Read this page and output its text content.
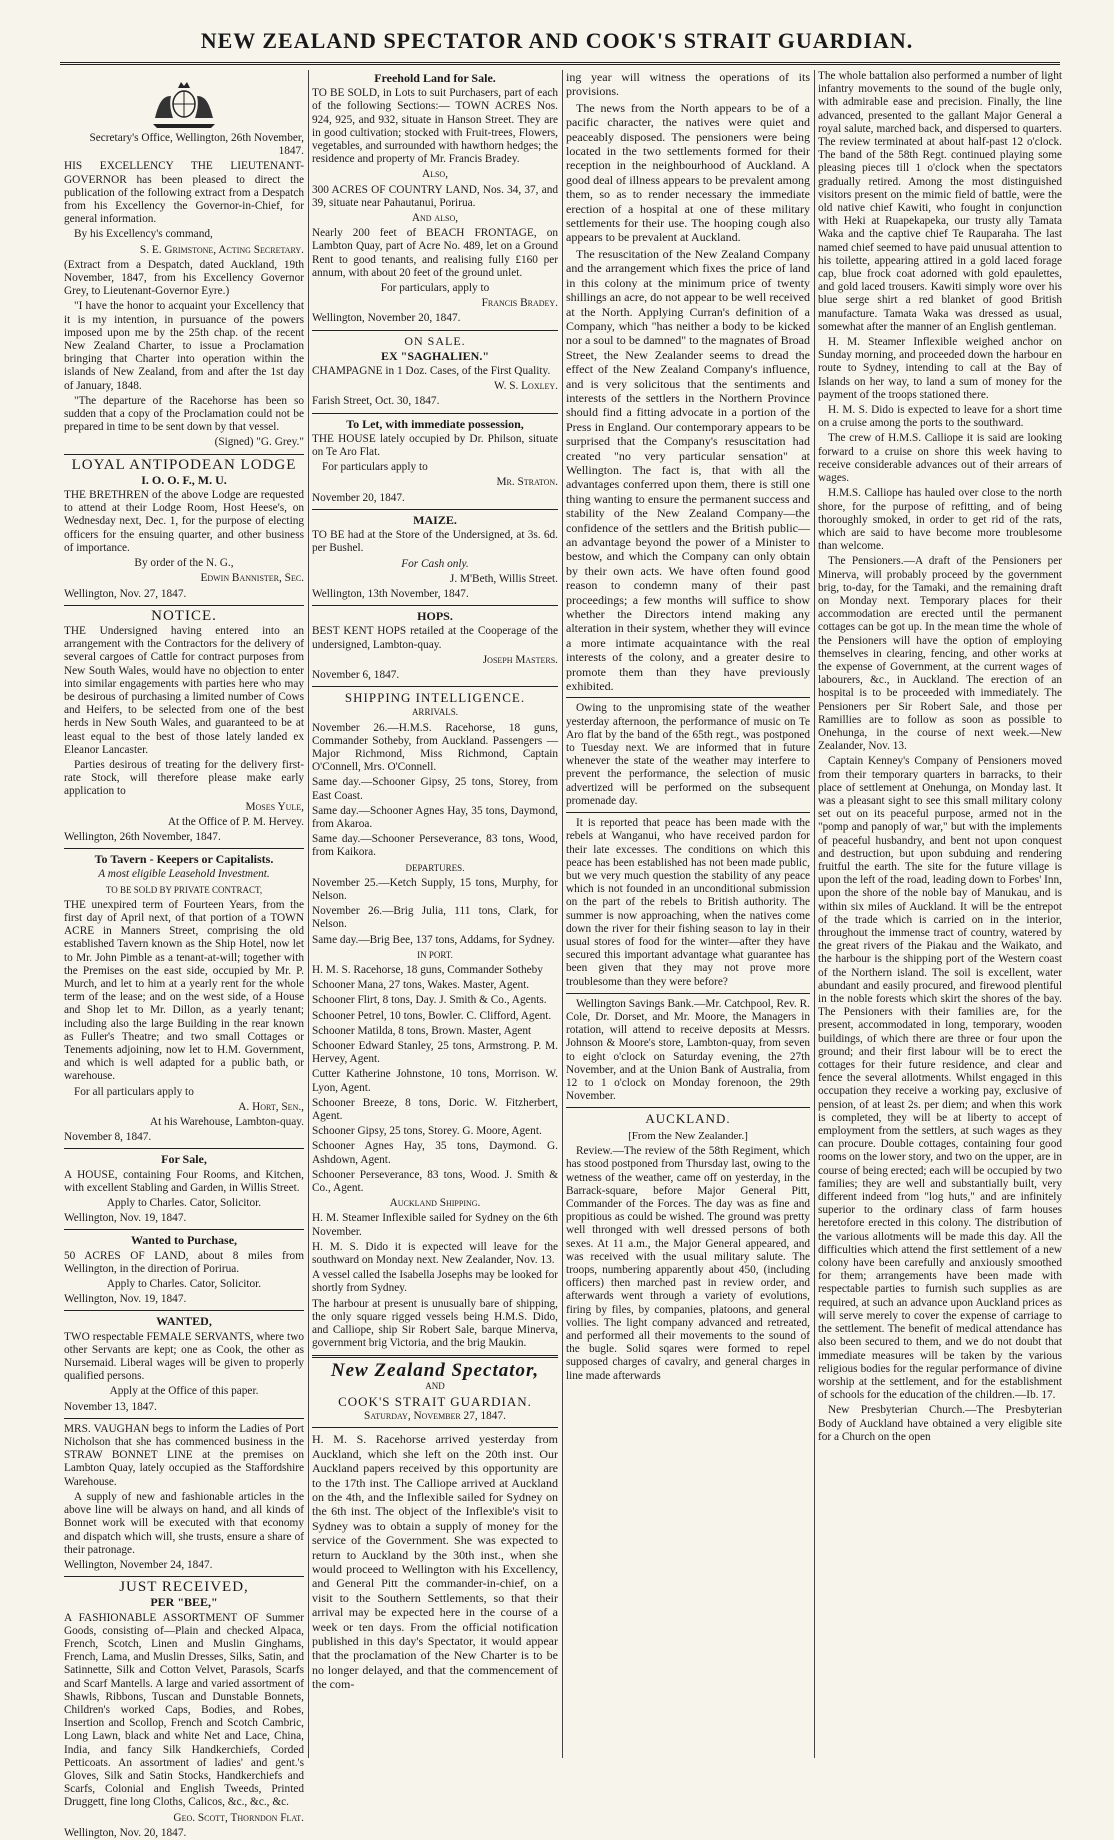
NEW ZEALAND SPECTATOR AND COOK'S STRAIT GUARDIAN.

Secretary's Office, Wellington, 26th November, 1847.

HIS EXCELLENCY THE LIEUTENANT-GOVERNOR has been pleased to direct the publication of the following extract from a Despatch from his Excellency the Governor-in-Chief, for general information.

By his Excellency's command,

S. E. Grimstone, Acting Secretary.

(Extract from a Despatch, dated Auckland, 19th November, 1847, from his Excellency Governor Grey, to Lieutenant-Governor Eyre.)

"I have the honor to acquaint your Excellency that it is my intention, in pursuance of the powers imposed upon me by the 25th chap. of the recent New Zealand Charter, to issue a Proclamation bringing that Charter into operation within the islands of New Zealand, from and after the 1st day of January, 1848.

"The departure of the Racehorse has been so sudden that a copy of the Proclamation could not be prepared in time to be sent down by that vessel.

(Signed) "G. Grey."

LOYAL ANTIPODEAN LODGE
I. O. O. F., M. U.

THE BRETHREN of the above Lodge are requested to attend at their Lodge Room, Host Heese's, on Wednesday next, Dec. 1, for the purpose of electing officers for the ensuing quarter, and other business of importance.

By order of the N. G.,

Edwin Bannister, Sec.

Wellington, Nov. 27, 1847.

NOTICE.

THE Undersigned having entered into an arrangement with the Contractors for the delivery of several cargoes of Cattle for contract purposes from New South Wales, would have no objection to enter into similar engagements with parties here who may be desirous of purchasing a limited number of Cows and Heifers, to be selected from one of the best herds in New South Wales, and guaranteed to be at least equal to the best of those lately landed ex Eleanor Lancaster.

Parties desirous of treating for the delivery first-rate Stock, will therefore please make early application to

Moses Yule,

At the Office of P. M. Hervey.

Wellington, 26th November, 1847.

To Tavern - Keepers or Capitalists.

A most eligible Leasehold Investment.

TO BE SOLD BY PRIVATE CONTRACT,

THE unexpired term of Fourteen Years, from the first day of April next, of that portion of a TOWN ACRE in Manners Street, comprising the old established Tavern known as the Ship Hotel, now let to Mr. John Pimble as a tenant-at-will; together with the Premises on the east side, occupied by Mr. P. Murch, and let to him at a yearly rent for the whole term of the lease; and on the west side, of a House and Shop let to Mr. Dillon, as a yearly tenant; including also the large Building in the rear known as Fuller's Theatre; and two small Cottages or Tenements adjoining, now let to H.M. Government, and which is well adapted for a public bath, or warehouse.

For all particulars apply to

A. Hort, Sen.,

At his Warehouse, Lambton-quay.

November 8, 1847.

For Sale,

A HOUSE, containing Four Rooms, and Kitchen, with excellent Stabling and Garden, in Willis Street.

Apply to Charles. Cator, Solicitor.

Wellington, Nov. 19, 1847.

Wanted to Purchase,

50 ACRES OF LAND, about 8 miles from Wellington, in the direction of Porirua.

Apply to Charles. Cator, Solicitor.

Wellington, Nov. 19, 1847.

WANTED,

TWO respectable FEMALE SERVANTS, where two other Servants are kept; one as Cook, the other as Nursemaid. Liberal wages will be given to properly qualified persons.

Apply at the Office of this paper.

November 13, 1847.

MRS. VAUGHAN begs to inform the Ladies of Port Nicholson that she has commenced business in the STRAW BONNET LINE at the premises on Lambton Quay, lately occupied as the Staffordshire Warehouse.

A supply of new and fashionable articles in the above line will be always on hand, and all kinds of Bonnet work will be executed with that economy and dispatch which will, she trusts, ensure a share of their patronage.

Wellington, November 24, 1847.

JUST RECEIVED,
PER "BEE,"

A FASHIONABLE ASSORTMENT OF Summer Goods, consisting of—Plain and checked Alpaca, French, Scotch, Linen and Muslin Ginghams, French, Lama, and Muslin Dresses, Silks, Satin, and Satinnette, Silk and Cotton Velvet, Parasols, Scarfs and Scarf Mantells. A large and varied assortment of Shawls, Ribbons, Tuscan and Dunstable Bonnets, Children's worked Caps, Bodies, and Robes, Insertion and Scollop, French and Scotch Cambric, Long Lawn, black and white Net and Lace, China, India, and fancy Silk Handkerchiefs, Corded Petticoats. An assortment of ladies' and gent.'s Gloves, Silk and Satin Stocks, Handkerchiefs and Scarfs, Colonial and English Tweeds, Printed Druggett, fine long Cloths, Calicos, &c., &c., &c.

Geo. Scott, Thorndon Flat.

Wellington, Nov. 20, 1847.

Freehold Land for Sale.

TO BE SOLD, in Lots to suit Purchasers, part of each of the following Sections:— TOWN ACRES Nos. 924, 925, and 932, situate in Hanson Street. They are in good cultivation; stocked with Fruit-trees, Flowers, vegetables, and surrounded with hawthorn hedges; the residence and property of Mr. Francis Bradey.

Also,

300 ACRES OF COUNTRY LAND, Nos. 34, 37, and 39, situate near Pahautanui, Porirua.

And also,

Nearly 200 feet of BEACH FRONTAGE, on Lambton Quay, part of Acre No. 489, let on a Ground Rent to good tenants, and realising fully £160 per annum, with about 20 feet of the ground unlet.

For particulars, apply to

Francis Bradey.

Wellington, November 20, 1847.

ON SALE.
EX "SAGHALIEN."

CHAMPAGNE in 1 Doz. Cases, of the First Quality.

W. S. Loxley.

Farish Street, Oct. 30, 1847.

To Let, with immediate possession,

THE HOUSE lately occupied by Dr. Philson, situate on Te Aro Flat.

For particulars apply to

Mr. Straton.

November 20, 1847.

MAIZE.

TO BE had at the Store of the Undersigned, at 3s. 6d. per Bushel.

For Cash only.

J. M'Beth, Willis Street.

Wellington, 13th November, 1847.

HOPS.

BEST KENT HOPS retailed at the Cooperage of the undersigned, Lambton-quay.

Joseph Masters.

November 6, 1847.

SHIPPING INTELLIGENCE.

ARRIVALS.

November 26.—H.M.S. Racehorse, 18 guns, Commander Sotheby, from Auckland. Passengers —Major Richmond, Miss Richmond, Captain O'Connell, Mrs. O'Connell.

Same day.—Schooner Gipsy, 25 tons, Storey, from East Coast.

Same day.—Schooner Agnes Hay, 35 tons, Daymond, from Akaroa.

Same day.—Schooner Perseverance, 83 tons, Wood, from Kaikora.

DEPARTURES.

November 25.—Ketch Supply, 15 tons, Murphy, for Nelson.

November 26.—Brig Julia, 111 tons, Clark, for Nelson.

Same day.—Brig Bee, 137 tons, Addams, for Sydney.

IN PORT.

H. M. S. Racehorse, 18 guns, Commander Sotheby

Schooner Mana, 27 tons, Wakes. Master, Agent.

Schooner Flirt, 8 tons, Day. J. Smith & Co., Agents.

Schooner Petrel, 10 tons, Bowler. C. Clifford, Agent.

Schooner Matilda, 8 tons, Brown. Master, Agent

Schooner Edward Stanley, 25 tons, Armstrong. P. M. Hervey, Agent.

Cutter Katherine Johnstone, 10 tons, Morrison. W. Lyon, Agent.

Schooner Breeze, 8 tons, Doric. W. Fitzherbert, Agent.

Schooner Gipsy, 25 tons, Storey. G. Moore, Agent.

Schooner Agnes Hay, 35 tons, Daymond. G. Ashdown, Agent.

Schooner Perseverance, 83 tons, Wood. J. Smith & Co., Agent.

Auckland Shipping.

H. M. Steamer Inflexible sailed for Sydney on the 6th November.

H. M. S. Dido it is expected will leave for the southward on Monday next. New Zealander, Nov. 13.

A vessel called the Isabella Josephs may be looked for shortly from Sydney.

The harbour at present is unusually bare of shipping, the only square rigged vessels being H.M.S. Dido, and Calliope, ship Sir Robert Sale, barque Minerva, government brig Victoria, and the brig Maukin.

New Zealand Spectator,

AND

COOK'S STRAIT GUARDIAN.

Saturday, November 27, 1847.

H. M. S. Racehorse arrived yesterday from Auckland, which she left on the 20th inst. Our Auckland papers received by this opportunity are to the 17th inst. The Calliope arrived at Auckland on the 4th, and the Inflexible sailed for Sydney on the 6th inst. The object of the Inflexible's visit to Sydney was to obtain a supply of money for the service of the Government. She was expected to return to Auckland by the 30th inst., when she would proceed to Wellington with his Excellency, and General Pitt the commander-in-chief, on a visit to the Southern Settlements, so that their arrival may be expected here in the course of a week or ten days. From the official notification published in this day's Spectator, it would appear that the proclamation of the New Charter is to be no longer delayed, and that the commencement of the com-

ing year will witness the operations of its provisions.

The news from the North appears to be of a pacific character, the natives were quiet and peaceably disposed. The pensioners were being located in the two settlements formed for their reception in the neighbourhood of Auckland. A good deal of illness appears to be prevalent among them, so as to render necessary the immediate erection of a hospital at one of these military settlements for their use. The hooping cough also appears to be prevalent at Auckland.

The resuscitation of the New Zealand Company and the arrangement which fixes the price of land in this colony at the minimum price of twenty shillings an acre, do not appear to be well received at the North. Applying Curran's definition of a Company, which "has neither a body to be kicked nor a soul to be damned" to the magnates of Broad Street, the New Zealander seems to dread the effect of the New Zealand Company's influence, and is very solicitous that the sentiments and interests of the settlers in the Northern Province should find a fitting advocate in a portion of the Press in England. Our contemporary appears to be surprised that the Company's resuscitation had created "no very particular sensation" at Wellington. The fact is, that with all the advantages conferred upon them, there is still one thing wanting to ensure the permanent success and stability of the New Zealand Company—the confidence of the settlers and the British public—an advantage beyond the power of a Minister to bestow, and which the Company can only obtain by their own acts. We have often found good reason to condemn many of their past proceedings; a few months will suffice to show whether the Directors intend making any alteration in their system, whether they will evince a more intimate acquaintance with the real interests of the colony, and a greater desire to promote them than they have previously exhibited.

Owing to the unpromising state of the weather yesterday afternoon, the performance of music on Te Aro flat by the band of the 65th regt., was postponed to Tuesday next. We are informed that in future whenever the state of the weather may interfere to prevent the performance, the selection of music advertized will be performed on the subsequent promenade day.

It is reported that peace has been made with the rebels at Wanganui, who have received pardon for their late excesses. The conditions on which this peace has been established has not been made public, but we very much question the stability of any peace which is not founded in an unconditional submission on the part of the rebels to British authority. The summer is now approaching, when the natives come down the river for their fishing season to lay in their usual stores of food for the winter—after they have secured this important advantage what guarantee has been given that they may not prove more troublesome than they were before?

Wellington Savings Bank.—Mr. Catchpool, Rev. R. Cole, Dr. Dorset, and Mr. Moore, the Managers in rotation, will attend to receive deposits at Messrs. Johnson & Moore's store, Lambton-quay, from seven to eight o'clock on Saturday evening, the 27th November, and at the Union Bank of Australia, from 12 to 1 o'clock on Monday forenoon, the 29th November.

AUCKLAND.

[From the New Zealander.]

Review.—The review of the 58th Regiment, which has stood postponed from Thursday last, owing to the wetness of the weather, came off on yesterday, in the Barrack-square, before Major General Pitt, Commander of the Forces. The day was as fine and propitious as could be wished. The ground was pretty well thronged with well dressed persons of both sexes. At 11 a.m., the Major General appeared, and was received with the usual military salute. The troops, numbering apparently about 450, (including officers) then marched past in review order, and afterwards went through a variety of evolutions, firing by files, by companies, platoons, and general vollies. The light company advanced and retreated, and performed all their movements to the sound of the bugle. Solid sqares were formed to repel supposed charges of cavalry, and general charges in line made afterwards

The whole battalion also performed a number of light infantry movements to the sound of the bugle only, with admirable ease and precision. Finally, the line advanced, presented to the gallant Major General a royal salute, marched back, and dispersed to quarters. The review terminated at about half-past 12 o'clock. The band of the 58th Regt. continued playing some pleasing pieces till 1 o'clock when the spectators gradually retired. Among the most distinguished visitors present on the mimic field of battle, were the old native chief Kawiti, who fought in conjunction with Heki at Ruapekapeka, our trusty ally Tamata Waka and the captive chief Te Rauparaha. The last named chief seemed to have paid unusual attention to his toilette, appearing attired in a gold laced forage cap, blue frock coat adorned with gold epaulettes, and gold laced trousers. Kawiti simply wore over his blue serge shirt a red blanket of good British manufacture. Tamata Waka was dressed as usual, somewhat after the manner of an English gentleman.

H. M. Steamer Inflexible weighed anchor on Sunday morning, and proceeded down the harbour en route to Sydney, intending to call at the Bay of Islands on her way, to land a sum of money for the payment of the troops stationed there.

H. M. S. Dido is expected to leave for a short time on a cruise among the ports to the southward.

The crew of H.M.S. Calliope it is said are looking forward to a cruise on shore this week having to receive considerable advances out of their arrears of wages.

H.M.S. Calliope has hauled over close to the north shore, for the purpose of refitting, and of being thoroughly smoked, in order to get rid of the rats, which are said to have become more troublesome than welcome.

The Pensioners.—A draft of the Pensioners per Minerva, will probably proceed by the government brig, to-day, for the Tamaki, and the remaining draft on Monday next. Temporary places for their accommodation are erected until the permanent cottages can be got up. In the mean time the whole of the Pensioners will have the option of employing themselves in clearing, fencing, and other works at the expense of Government, at the current wages of labourers, &c., in Auckland. The erection of an hospital is to be proceeded with immediately. The Pensioners per Sir Robert Sale, and those per Ramillies are to follow as soon as possible to Onehunga, in the course of next week.—New Zealander, Nov. 13.

Captain Kenney's Company of Pensioners moved from their temporary quarters in barracks, to their place of settlement at Onehunga, on Monday last. It was a pleasant sight to see this small military colony set out on its peaceful purpose, armed not in the "pomp and panoply of war," but with the implements of peaceful husbandry, and bent not upon conquest and destruction, but upon subduing and rendering fruitful the earth. The site for the future village is upon the left of the road, leading down to Forbes' Inn, upon the shore of the noble bay of Manukau, and is within six miles of Auckland. It will be the entrepot of the trade which is carried on in the interior, throughout the immense tract of country, watered by the great rivers of the Piakau and the Waikato, and the harbour is the shipping port of the Western coast of the Northern island. The soil is excellent, water abundant and easily procured, and firewood plentiful in the noble forests which skirt the shores of the bay. The Pensioners with their families are, for the present, accommodated in long, temporary, wooden buildings, of which there are three or four upon the ground; and their first labour will be to erect the cottages for their future residence, and clear and fence the several allotments. Whilst engaged in this occupation they receive a working pay, exclusive of pension, of at least 2s. per diem; and when this work is completed, they will be at liberty to accept of employment from the settlers, at such wages as they can procure. Double cottages, containing four good rooms on the lower story, and two on the upper, are in course of being erected; each will be occupied by two families; they are well and substantially built, very different indeed from "log huts," and are infinitely superior to the ordinary class of farm houses heretofore erected in this colony. The distribution of the various allotments will be made this day. All the difficulties which attend the first settlement of a new colony have been carefully and anxiously smoothed for them; arrangements have been made with respectable parties to furnish such supplies as are required, at such an advance upon Auckland prices as will serve merely to cover the expense of carriage to the settlement. The benefit of medical attendance has also been secured to them, and we do not doubt that immediate measures will be taken by the various religious bodies for the regular performance of divine worship at the settlement, and for the establishment of schools for the education of the children.—Ib. 17.

New Presbyterian Church.—The Presbyterian Body of Auckland have obtained a very eligible site for a Church on the open
